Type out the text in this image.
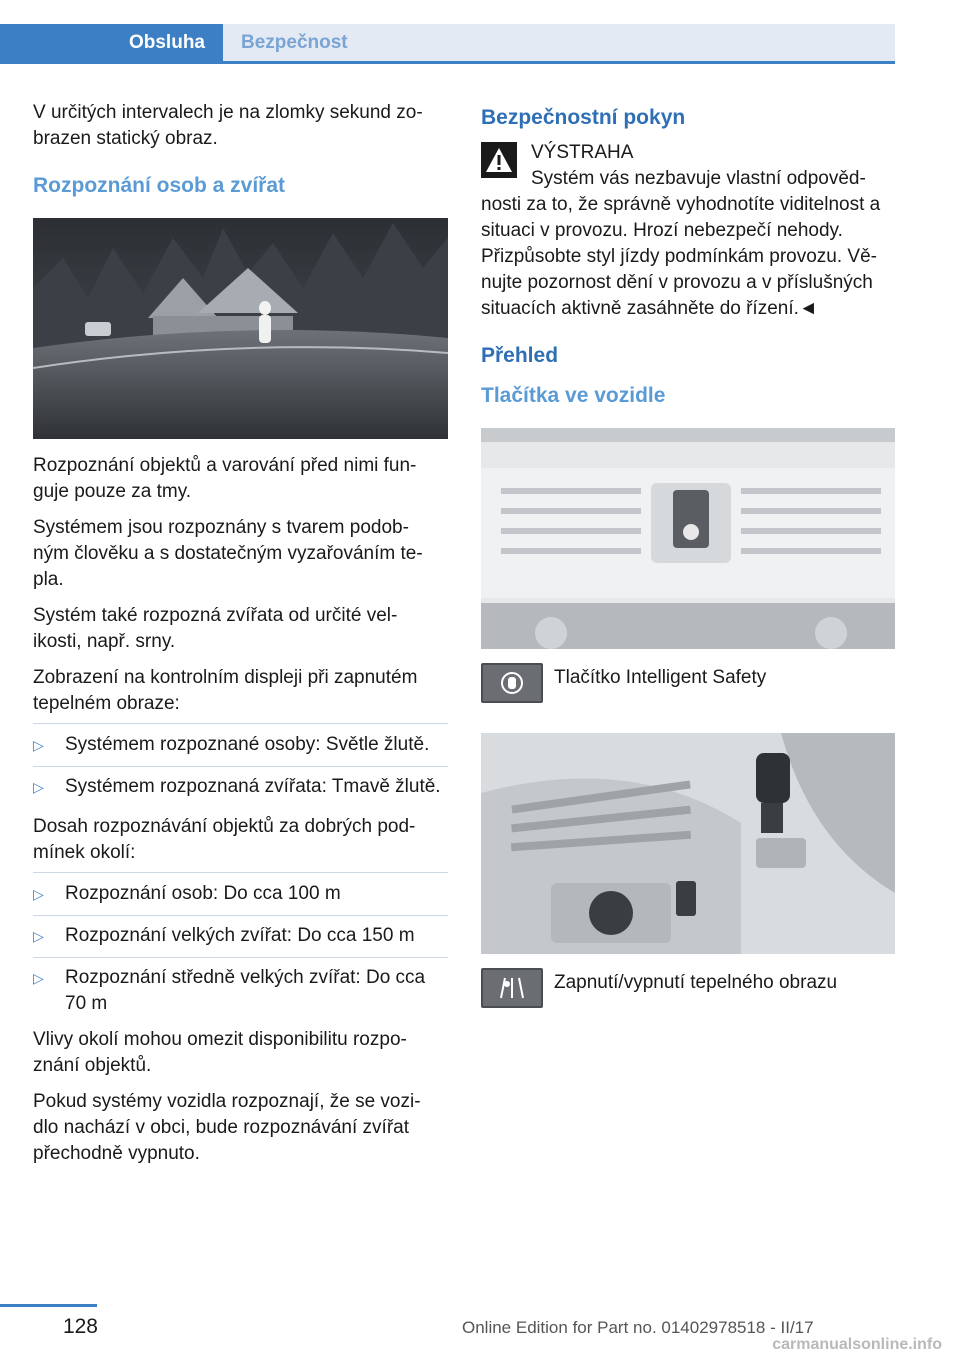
Obsluha	Bezpečnost

V určitých intervalech je na zlomky sekund zo‐ brazen statický obraz.

Rozpoznání osob a zvířat

Rozpoznání objektů a varování před nimi fun‐ guje pouze za tmy.

Systémem jsou rozpoznány s tvarem podob‐ ným člověku a s dostatečným vyzařováním te‐ pla.

Systém také rozpozná zvířata od určité vel‐ ikosti, např. srny.

Zobrazení na kontrolním displeji při zapnutém tepelném obraze:

▷ Systémem rozpoznané osoby: Světle žlutě.
▷ Systémem rozpoznaná zvířata: Tmavě žlutě.

Dosah rozpoznávání objektů za dobrých pod‐ mínek okolí:

▷ Rozpoznání osob: Do cca 100 m
▷ Rozpoznání velkých zvířat: Do cca 150 m
▷ Rozpoznání středně velkých zvířat: Do cca 70 m

Vlivy okolí mohou omezit disponibilitu rozpo‐ znání objektů.

Pokud systémy vozidla rozpoznají, že se vozi‐ dlo nachází v obci, bude rozpoznávání zvířat přechodně vypnuto.

Bezpečnostní pokyn
VÝSTRAHA

Systém vás nezbavuje vlastní odpověd‐ nosti za to, že správně vyhodnotíte viditelnost a situaci v provozu. Hrozí nebezpečí nehody. Přizpůsobte styl jízdy podmínkám provozu. Vě‐ nujte pozornost dění v provozu a v příslušných situacích aktivně zasáhněte do řízení.◄

Přehled
Tlačítka ve vozidle
Tlačítko Intelligent Safety
Zapnutí/vypnutí tepelného obrazu
128	Online Edition for Part no. 01402978518 - II/17
carmanualsonline.info
